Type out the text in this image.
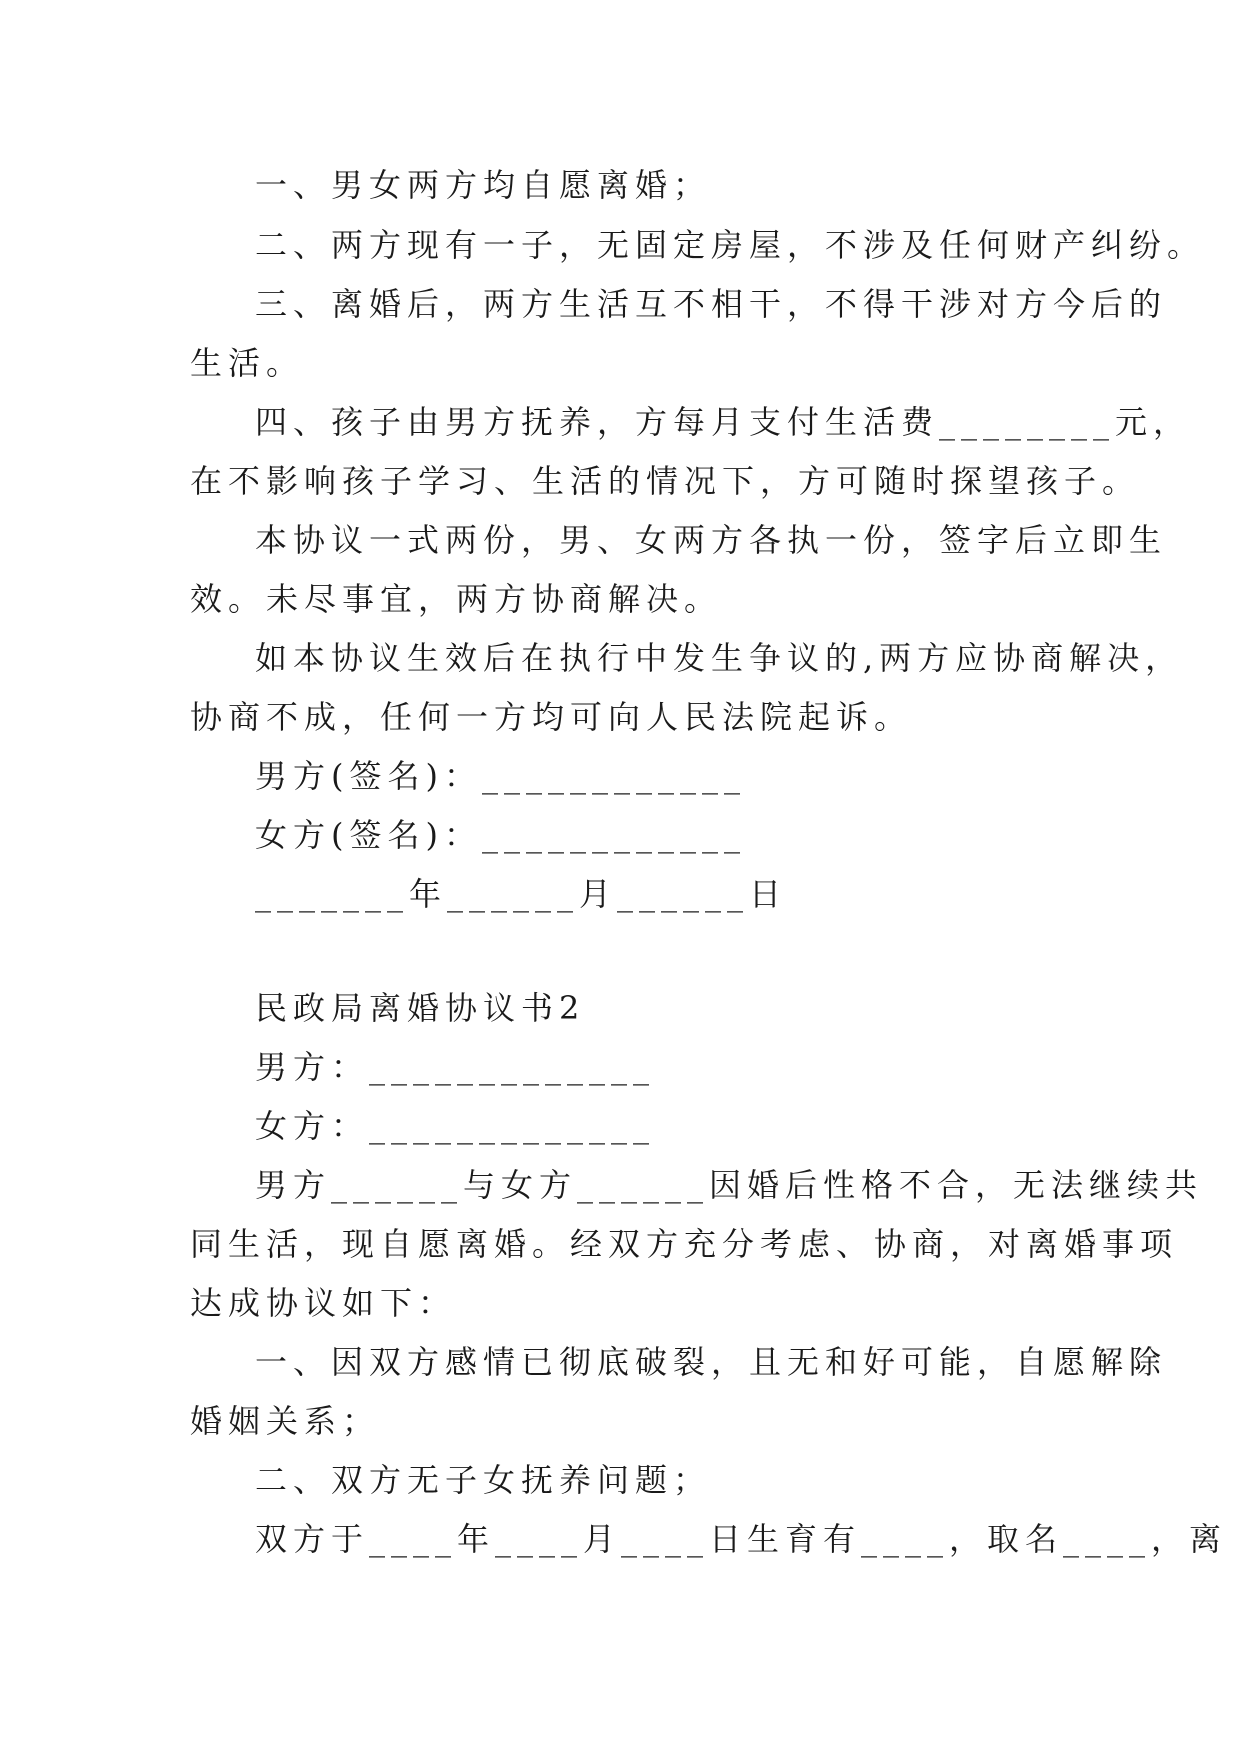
一、男女两方均自愿离婚；
二、两方现有一子，无固定房屋，不涉及任何财产纠纷。
三、离婚后，两方生活互不相干，不得干涉对方今后的
生活。
四、孩子由男方抚养，方每月支付生活费________元，
在不影响孩子学习、生活的情况下，方可随时探望孩子。
本协议一式两份，男、女两方各执一份，签字后立即生
效。未尽事宜，两方协商解决。
如本协议生效后在执行中发生争议的,两方应协商解决，
协商不成，任何一方均可向人民法院起诉。
男方(签名)：____________
女方(签名)：____________
_______年______月______日
民政局离婚协议书2
男方：_____________
女方：_____________
男方______与女方______因婚后性格不合，无法继续共
同生活，现自愿离婚。经双方充分考虑、协商，对离婚事项
达成协议如下：
一、因双方感情已彻底破裂，且无和好可能，自愿解除
婚姻关系；
二、双方无子女抚养问题；
双方于____年____月____日生育有____，取名____，离
